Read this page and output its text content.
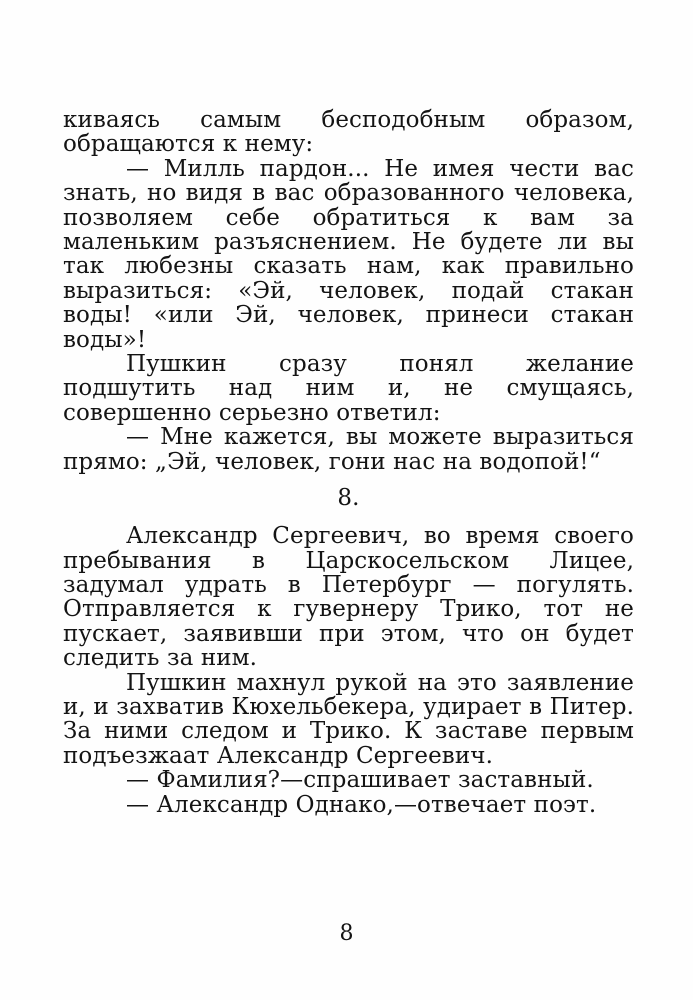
киваясь самым бесподобным образом, обращаются к нему:

— Милль пардон... Не имея чести вас знать, но видя в вас образованного человека, позволяем себе обратиться к вам за маленьким разъяснением. Не будете ли вы так любезны сказать нам, как правильно выразиться: «Эй, человек, подай стакан воды! «или Эй, человек, принеси стакан воды»!

Пушкин сразу понял желание подшутить над ним и, не смущаясь, совершенно серьезно ответил:

— Мне кажется, вы можете выразиться прямо: „Эй, человек, гони нас на водопой!“

8.

Александр Сергеевич, во время своего пребывания в Царскосельском Лицее, задумал удрать в Петербург — погулять. Отправляется к гувернеру Трико, тот не пускает, заявивши при этом, что он будет следить за ним.

Пушкин махнул рукой на это заявление и, и захватив Кюхельбекера, удирает в Питер. За ними следом и Трико. К заставе первым подъезжаат Александр Сергеевич.

— Фамилия?—спрашивает заставный.

— Александр Однако,—отвечает поэт.

8
